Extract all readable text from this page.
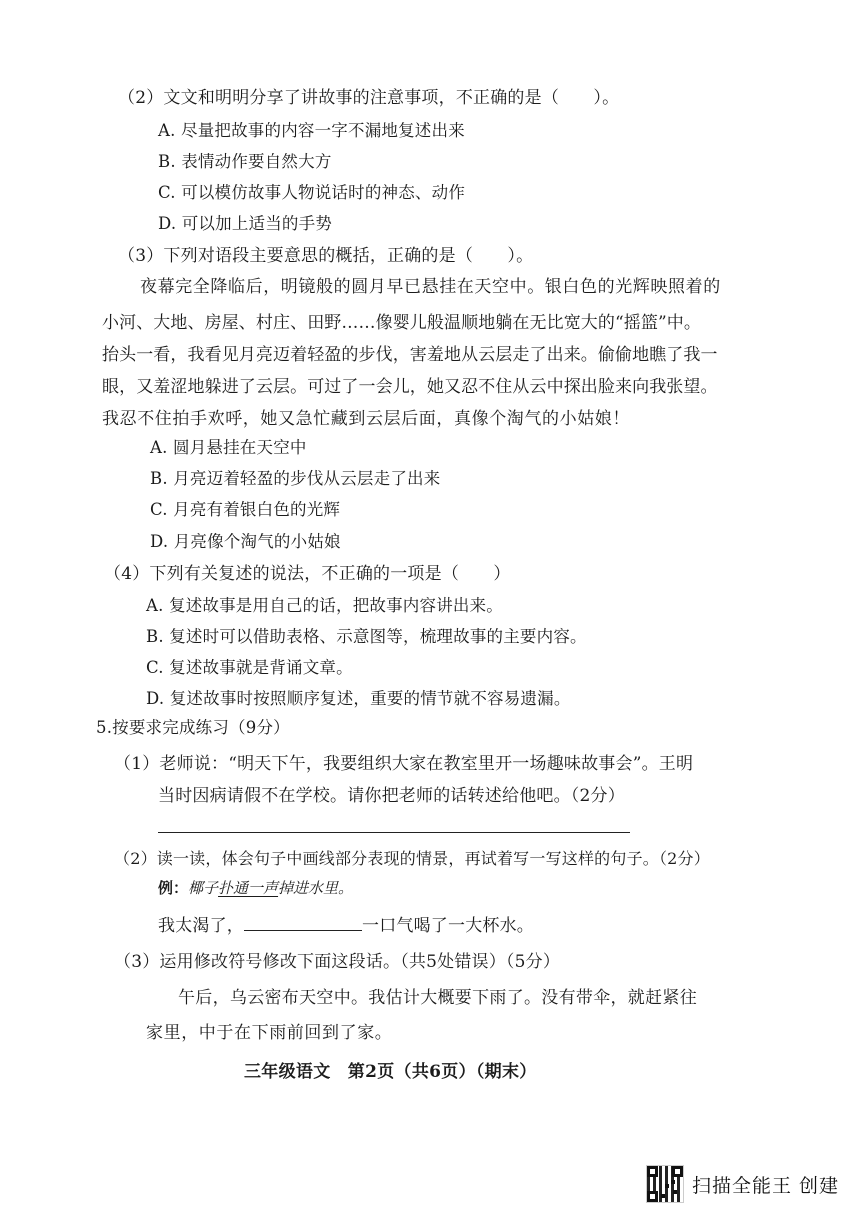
（2）文文和明明分享了讲故事的注意事项，不正确的是（　　）。
A. 尽量把故事的内容一字不漏地复述出来
B. 表情动作要自然大方
C. 可以模仿故事人物说话时的神态、动作
D. 可以加上适当的手势
（3）下列对语段主要意思的概括，正确的是（　　）。
夜幕完全降临后，明镜般的圆月早已悬挂在天空中。银白色的光辉映照着的
小河、大地、房屋、村庄、田野……像婴儿般温顺地躺在无比宽大的“摇篮”中。
抬头一看，我看见月亮迈着轻盈的步伐，害羞地从云层走了出来。偷偷地瞧了我一
眼，又羞涩地躲进了云层。可过了一会儿，她又忍不住从云中探出脸来向我张望。
我忍不住拍手欢呼，她又急忙藏到云层后面，真像个淘气的小姑娘！
A. 圆月悬挂在天空中
B. 月亮迈着轻盈的步伐从云层走了出来
C. 月亮有着银白色的光辉
D. 月亮像个淘气的小姑娘
（4）下列有关复述的说法，不正确的一项是（　　）
A. 复述故事是用自己的话，把故事内容讲出来。
B. 复述时可以借助表格、示意图等，梳理故事的主要内容。
C. 复述故事就是背诵文章。
D. 复述故事时按照顺序复述，重要的情节就不容易遗漏。
5.按要求完成练习（9分）
（1）老师说：“明天下午，我要组织大家在教室里开一场趣味故事会”。王明
当时因病请假不在学校。请你把老师的话转述给他吧。（2分）
（2）读一读，体会句子中画线部分表现的情景，再试着写一写这样的句子。（2分）
例：椰子扑通一声掉进水里。
我太渴了，	一口气喝了一大杯水。
（3）运用修改符号修改下面这段话。（共5处错误）（5分）
午后，乌云密布天空中。我估计大概要下雨了。没有带伞，就赶紧往
家里，中于在下雨前回到了家。
三年级语文　第2页（共6页）（期末）
扫描全能王 创建
